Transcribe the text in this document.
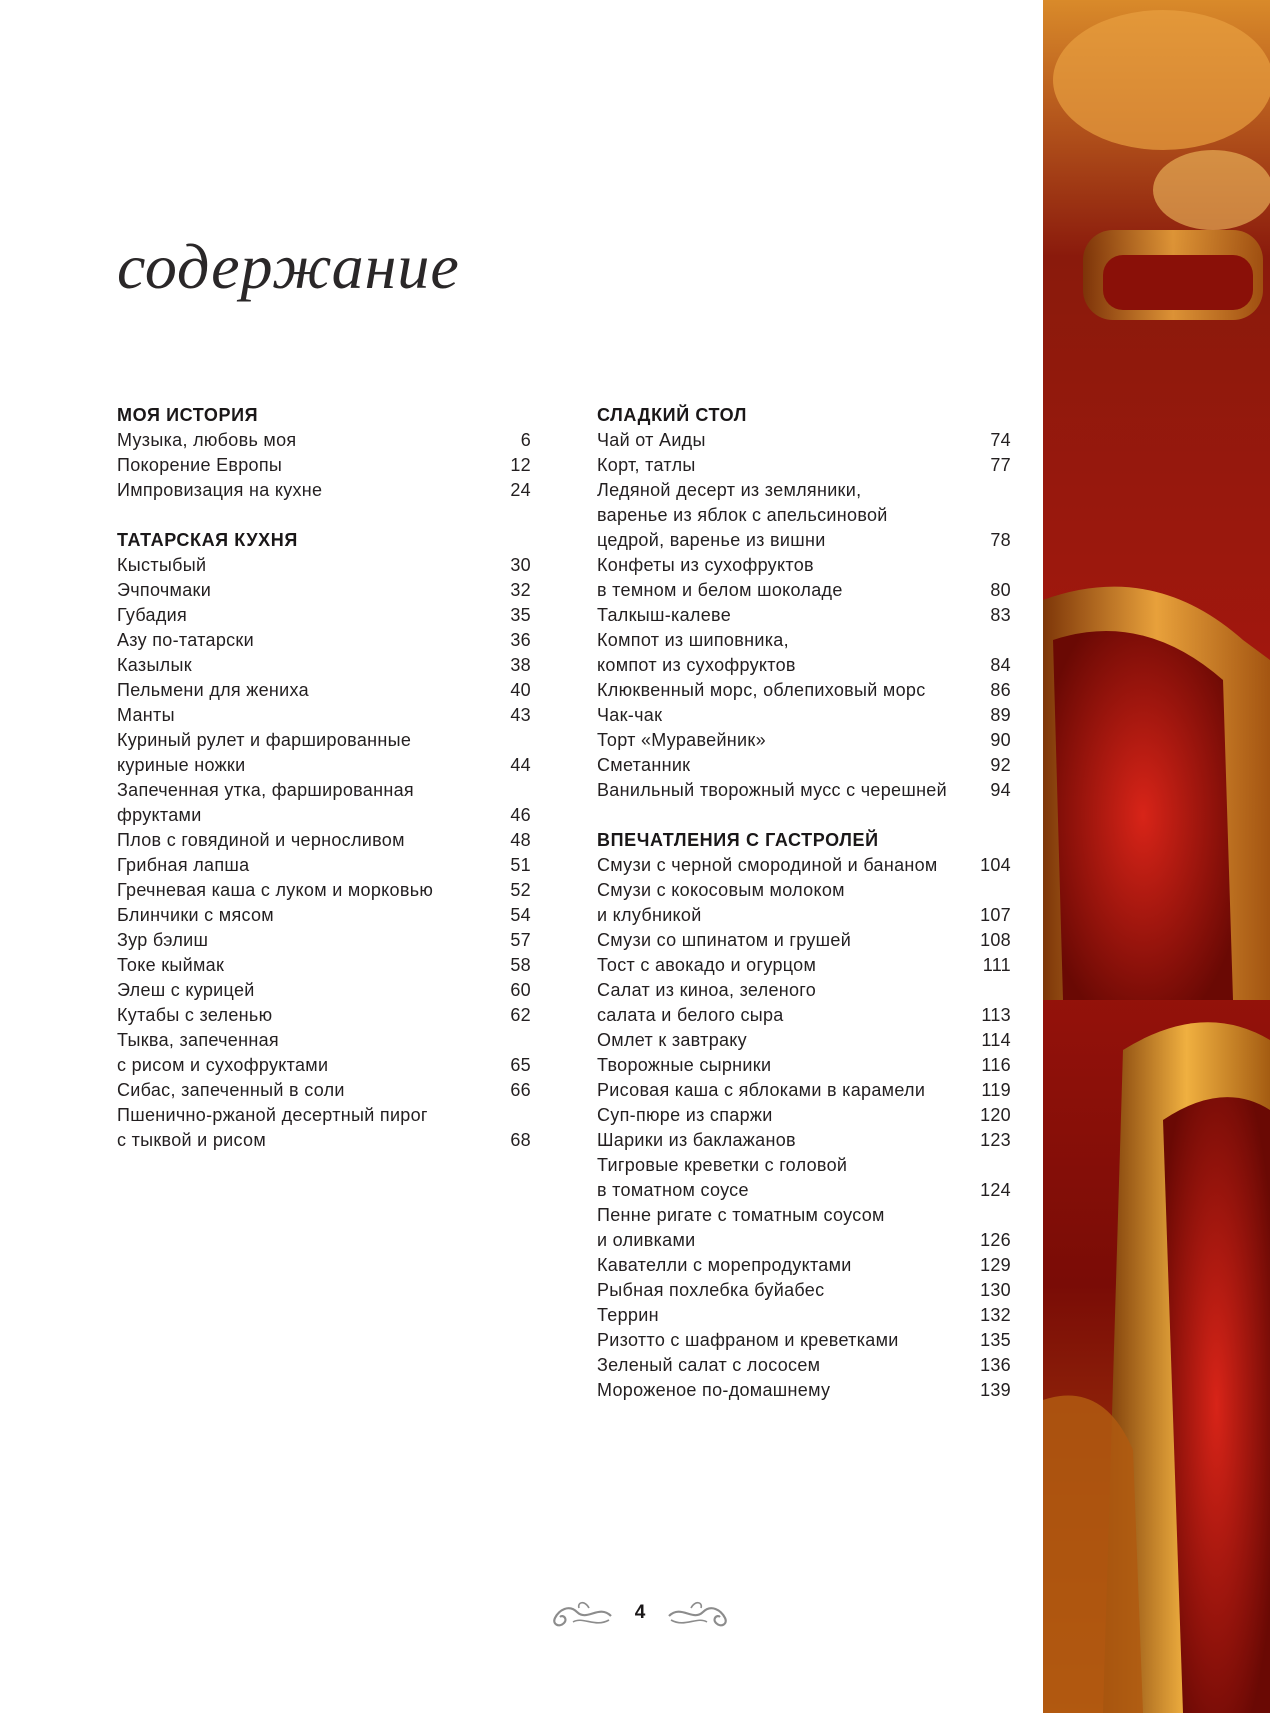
содержание
МОЯ ИСТОРИЯ
Музыка, любовь моя	6
Покорение Европы	12
Импровизация на кухне	24
ТАТАРСКАЯ КУХНЯ
Кыстыбый	30
Эчпочмаки	32
Губадия	35
Азу по-татарски	36
Казылык	38
Пельмени для жениха	40
Манты	43
Куриный рулет и фаршированные
куриные ножки	44
Запеченная утка, фаршированная
фруктами	46
Плов с говядиной и черносливом	48
Грибная лапша	51
Гречневая каша с луком и морковью	52
Блинчики с мясом	54
Зур бэлиш	57
Токе кыймак	58
Элеш с курицей	60
Кутабы с зеленью	62
Тыква, запеченная
с рисом и сухофруктами	65
Сибас, запеченный в соли	66
Пшенично-ржаной десертный пирог
с тыквой и рисом	68
СЛАДКИЙ СТОЛ
Чай от Аиды	74
Корт, татлы	77
Ледяной десерт из земляники,
варенье из яблок с апельсиновой
цедрой, варенье из вишни	78
Конфеты из сухофруктов
в темном и белом шоколаде	80
Талкыш-калеве	83
Компот из шиповника,
компот из сухофруктов	84
Клюквенный морс, облепиховый морс	86
Чак-чак	89
Торт «Муравейник»	90
Сметанник	92
Ванильный творожный мусс с черешней	94
ВПЕЧАТЛЕНИЯ С ГАСТРОЛЕЙ
Смузи с черной смородиной и бананом	104
Смузи с кокосовым молоком
и клубникой	107
Смузи со шпинатом и грушей	108
Тост с авокадо и огурцом	111
Салат из киноа, зеленого
салата и белого сыра	113
Омлет к завтраку	114
Творожные сырники	116
Рисовая каша с яблоками в карамели	119
Суп-пюре из спаржи	120
Шарики из баклажанов	123
Тигровые креветки с головой
в томатном соусе	124
Пенне ригате с томатным соусом
и оливками	126
Кавателли с морепродуктами	129
Рыбная похлебка буйабес	130
Террин	132
Ризотто с шафраном и креветками	135
Зеленый салат с лососем	136
Мороженое по-домашнему	139
4
